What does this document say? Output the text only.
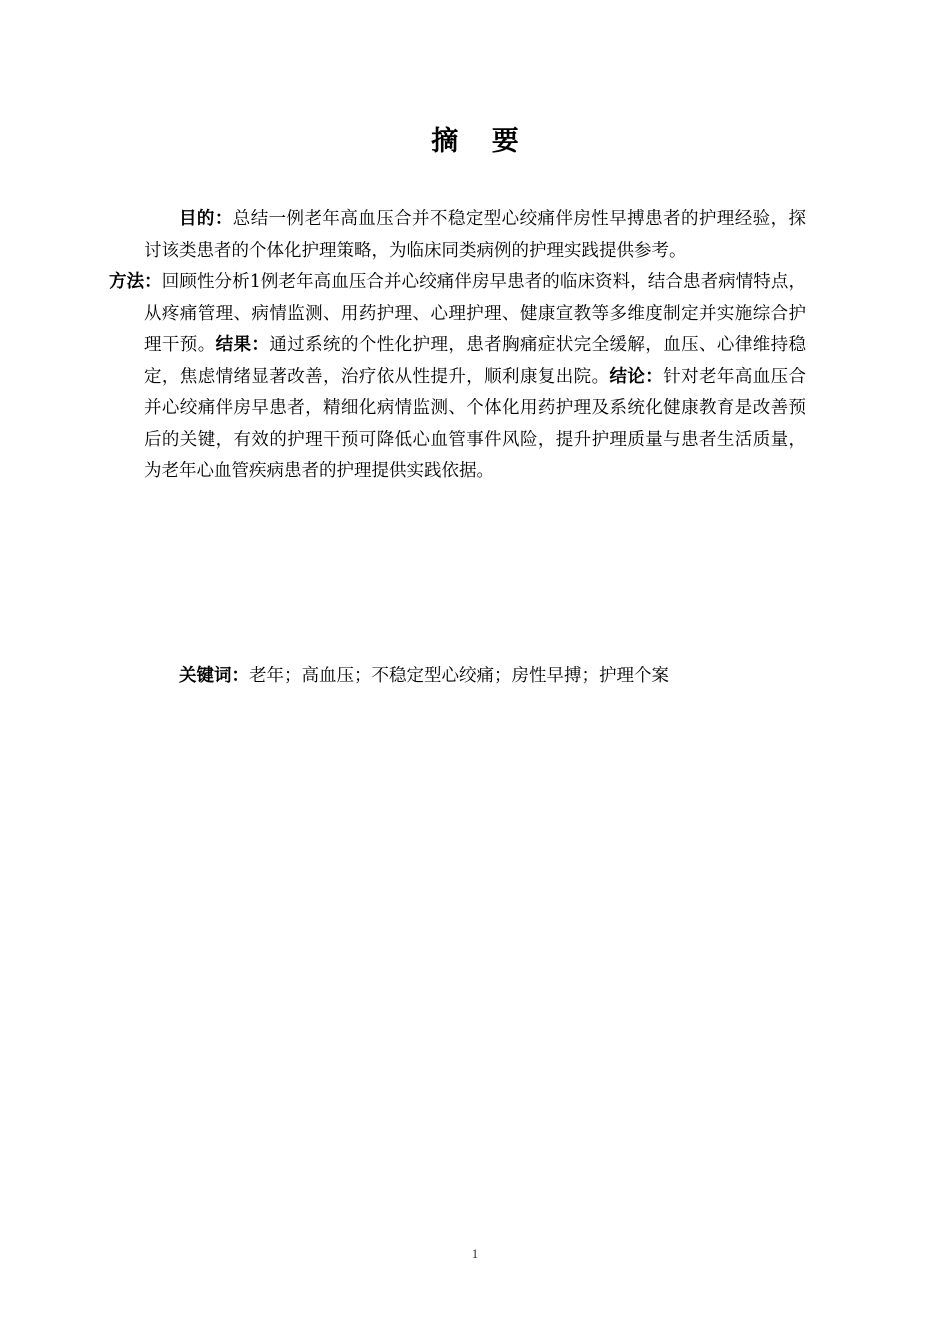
摘 要

目的：总结一例老年高血压合并不稳定型心绞痛伴房性早搏患者的护理经验，探讨该类患者的个体化护理策略，为临床同类病例的护理实践提供参考。
方法：回顾性分析1例老年高血压合并心绞痛伴房早患者的临床资料，结合患者病情特点，从疼痛管理、病情监测、用药护理、心理护理、健康宣教等多维度制定并实施综合护理干预。结果：通过系统的个性化护理，患者胸痛症状完全缓解，血压、心律维持稳定，焦虑情绪显著改善，治疗依从性提升，顺利康复出院。结论：针对老年高血压合并心绞痛伴房早患者，精细化病情监测、个体化用药护理及系统化健康教育是改善预后的关键，有效的护理干预可降低心血管事件风险，提升护理质量与患者生活质量，为老年心血管疾病患者的护理提供实践依据。

关键词：老年；高血压；不稳定型心绞痛；房性早搏；护理个案

1
